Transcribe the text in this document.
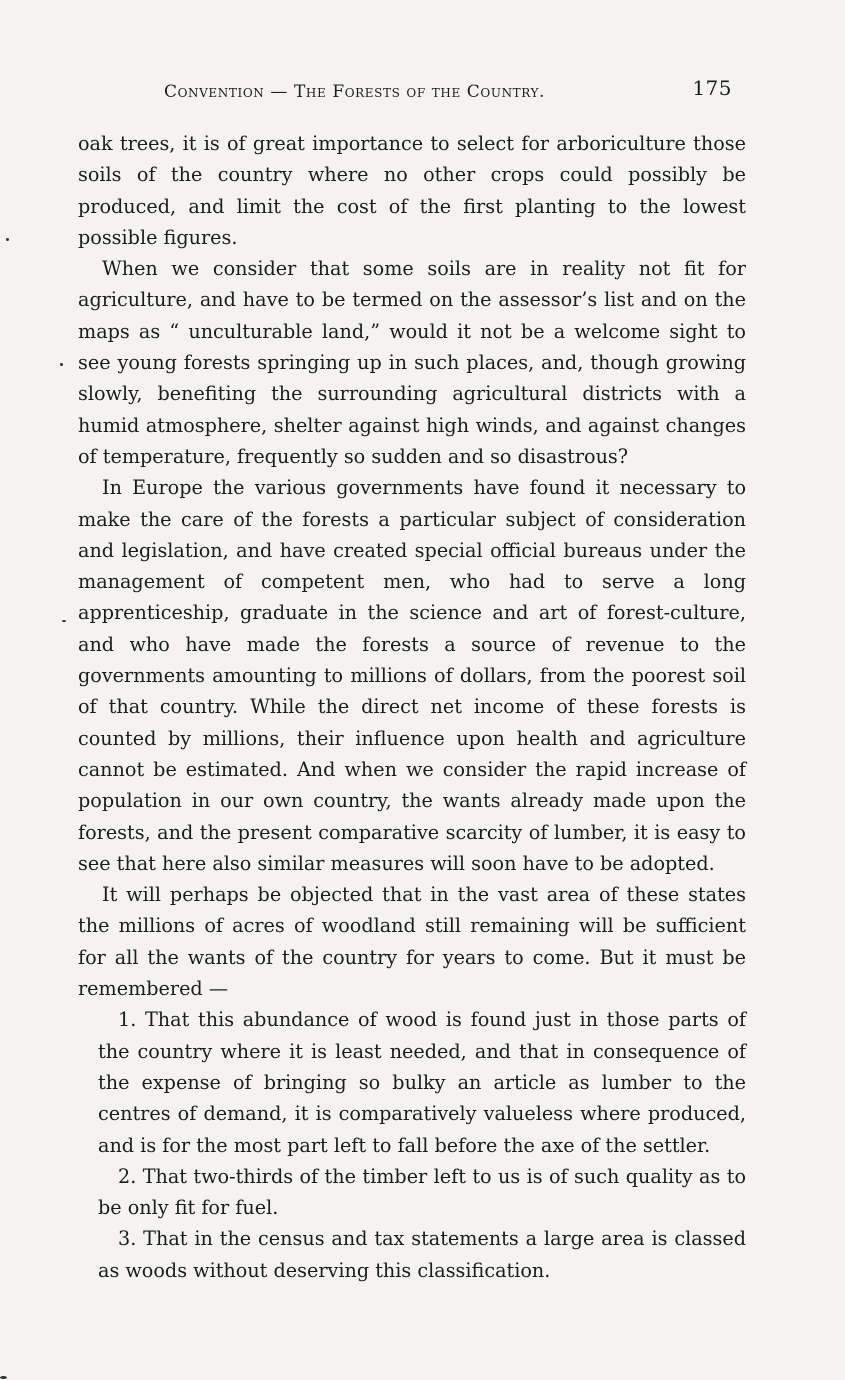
Convention — The Forests of the Country.	175

oak trees, it is of great importance to select for arboriculture those soils of the country where no other crops could possibly be produced, and limit the cost of the first planting to the lowest possible figures.

When we consider that some soils are in reality not fit for agriculture, and have to be termed on the assessor’s list and on the maps as “ unculturable land,” would it not be a welcome sight to see young forests springing up in such places, and, though growing slowly, benefiting the surrounding agricultural districts with a humid atmosphere, shelter against high winds, and against changes of temperature, frequently so sudden and so disastrous?

In Europe the various governments have found it necessary to make the care of the forests a particular subject of consideration and legislation, and have created special official bureaus under the management of competent men, who had to serve a long apprenticeship, graduate in the science and art of forest-culture, and who have made the forests a source of revenue to the governments amounting to millions of dollars, from the poorest soil of that country. While the direct net income of these forests is counted by millions, their influence upon health and agriculture cannot be estimated. And when we consider the rapid increase of population in our own country, the wants already made upon the forests, and the present comparative scarcity of lumber, it is easy to see that here also similar measures will soon have to be adopted.

It will perhaps be objected that in the vast area of these states the millions of acres of woodland still remaining will be sufficient for all the wants of the country for years to come. But it must be remembered —

1. That this abundance of wood is found just in those parts of the country where it is least needed, and that in consequence of the expense of bringing so bulky an article as lumber to the centres of demand, it is comparatively valueless where produced, and is for the most part left to fall before the axe of the settler.

2. That two-thirds of the timber left to us is of such quality as to be only fit for fuel.

3. That in the census and tax statements a large area is classed as woods without deserving this classification.
